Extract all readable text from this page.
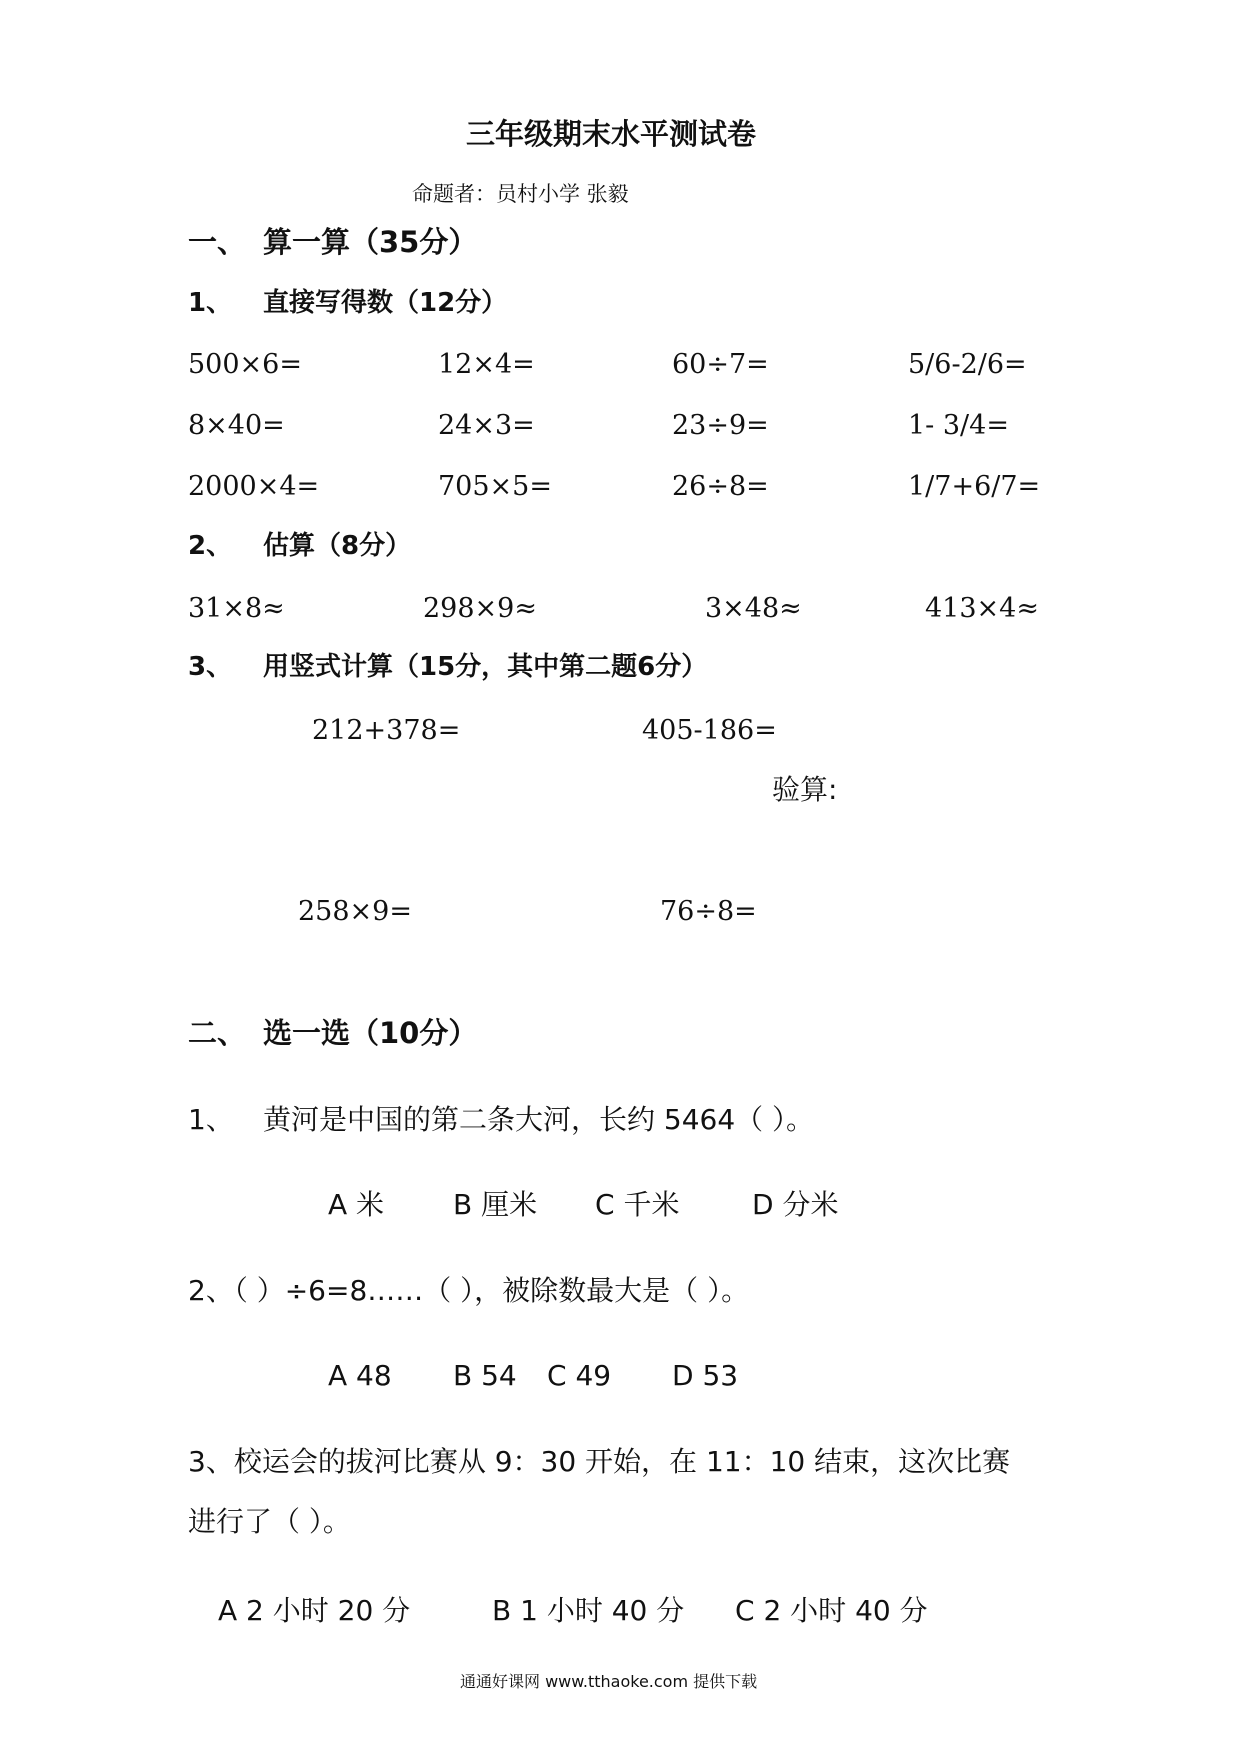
三年级期末水平测试卷
命题者：员村小学 张毅
一、 算一算（35分）
1、 直接写得数（12分）
500×6=	12×4=	60÷7=	5/6-2/6=
8×40=	24×3=	23÷9=	1- 3/4=
2000×4=	705×5=	26÷8=	1/7+6/7=
2、 估算（8分）
31×8≈	298×9≈	3×48≈	413×4≈
3、 用竖式计算（15分，其中第二题6分）
212+378=	405-186=
验算:
258×9=	76÷8=
二、 选一选（10分）
1、 黄河是中国的第二条大河，长约 5464（ ）。
A 米 B 厘米 C 千米	D 分米
2、（ ）÷6=8……（ ），被除数最大是（ ）。
A 48 B 54 C 49 D 53
3、校运会的拔河比赛从 9：30 开始，在 11：10 结束，这次比赛
进行了（ ）。
A 2 小时 20 分	B 1 小时 40 分 C 2 小时 40 分
通通好课网 www.tthaoke.com 提供下载
